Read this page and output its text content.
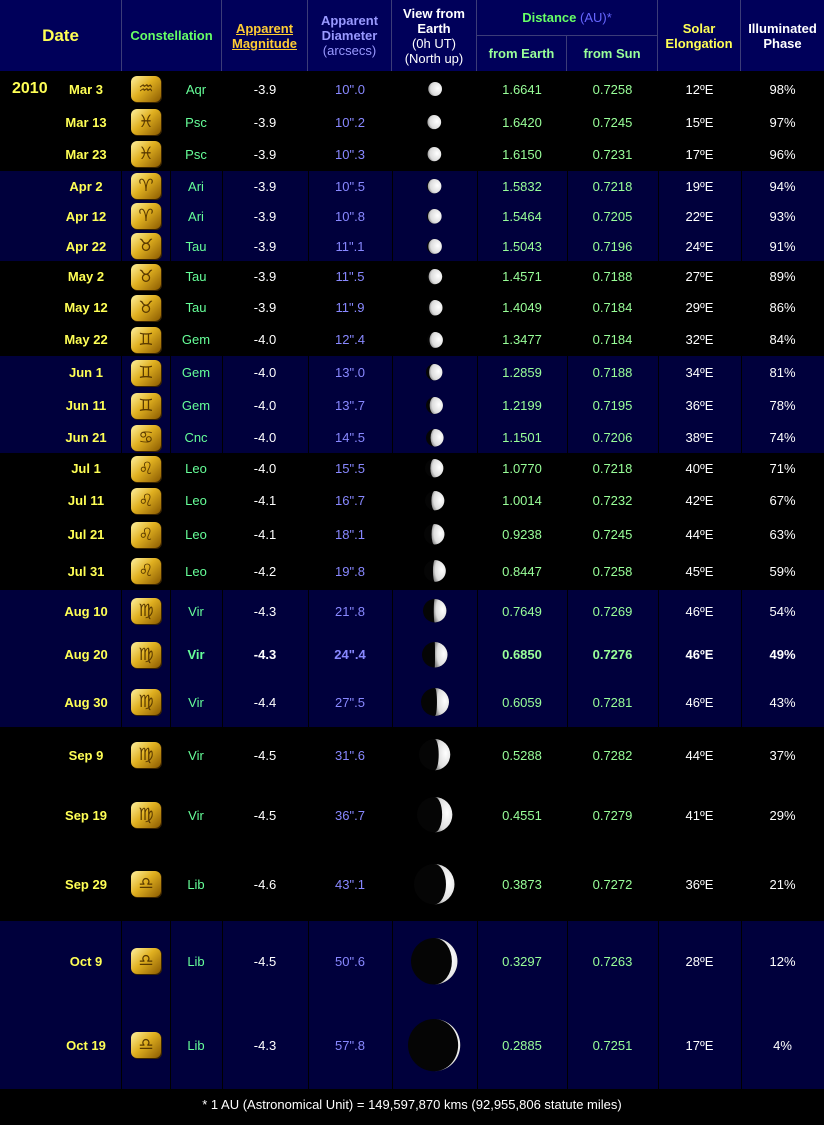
Date	Constellation	Apparent
Magnitude
Apparent
Diameter
(arcsecs)
View from
Earth
(0h UT)
(North up)
Distance (AU)*
from Earth from Sun
Solar
Elongation
Illuminated
Phase
2010	Mar 3	♒	Aqr	-3.9	10".0	1.6641	0.7258	12ºE	98%
Mar 13	♓	Psc	-3.9	10".2	1.6420	0.7245	15ºE	97%
Mar 23	♓	Psc	-3.9	10".3	1.6150	0.7231	17ºE	96%
Apr 2	♈	Ari	-3.9	10".5	1.5832	0.7218	19ºE	94%
Apr 12	♈	Ari	-3.9	10".8	1.5464	0.7205	22ºE	93%
Apr 22	♉	Tau	-3.9	11".1	1.5043	0.7196	24ºE	91%
May 2	♉	Tau	-3.9	11".5	1.4571	0.7188	27ºE	89%
May 12	♉	Tau	-3.9	11".9	1.4049	0.7184	29ºE	86%
May 22	♊	Gem	-4.0	12".4	1.3477	0.7184	32ºE	84%
Jun 1	♊	Gem	-4.0	13".0	1.2859	0.7188	34ºE	81%
Jun 11	♊	Gem	-4.0	13".7	1.2199	0.7195	36ºE	78%
Jun 21	♋	Cnc	-4.0	14".5	1.1501	0.7206	38ºE	74%
Jul 1	♌	Leo	-4.0	15".5	1.0770	0.7218	40ºE	71%
Jul 11	♌	Leo	-4.1	16".7	1.0014	0.7232	42ºE	67%
Jul 21	♌	Leo	-4.1	18".1	0.9238	0.7245	44ºE	63%
Jul 31	♌	Leo	-4.2	19".8	0.8447	0.7258	45ºE	59%
Aug 10	♍	Vir	-4.3	21".8	0.7649	0.7269	46ºE	54%
Aug 20	♍	Vir	-4.3	24".4	0.6850	0.7276	46ºE	49%
Aug 30	♍	Vir	-4.4	27".5	0.6059	0.7281	46ºE	43%
Sep 9	♍	Vir	-4.5	31".6	0.5288	0.7282	44ºE	37%
Sep 19	♍	Vir	-4.5	36".7	0.4551	0.7279	41ºE	29%
Sep 29	♎	Lib	-4.6	43".1	0.3873	0.7272	36ºE	21%
Oct 9	♎	Lib	-4.5	50".6	0.3297	0.7263	28ºE	12%
Oct 19	♎	Lib	-4.3	57".8	0.2885	0.7251	17ºE	4%
* 1 AU (Astronomical Unit) = 149,597,870 kms (92,955,806 statute miles)
